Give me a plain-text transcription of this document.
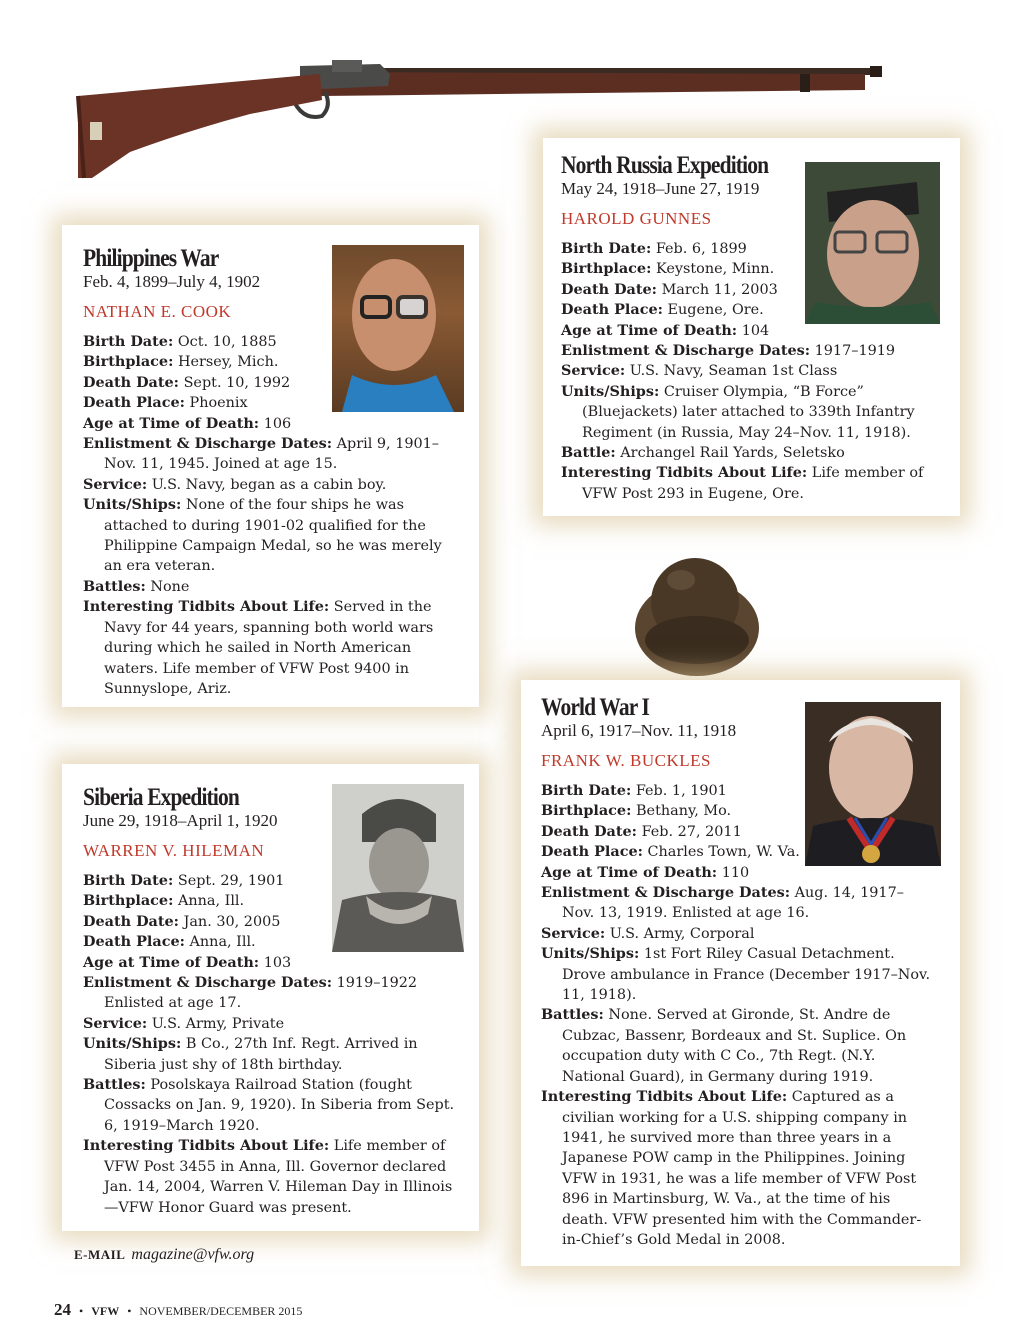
Philippines War
Feb. 4, 1899–July 4, 1902
NATHAN E. COOK
Birth Date: Oct. 10, 1885
Birthplace: Hersey, Mich.
Death Date: Sept. 10, 1992
Death Place: Phoenix
Age at Time of Death: 106
Enlistment & Discharge Dates: April 9, 1901–Nov. 11, 1945. Joined at age 15.
Service: U.S. Navy, began as a cabin boy.
Units/Ships: None of the four ships he was attached to during 1901-02 qualified for the Philippine Campaign Medal, so he was merely an era veteran.
Battles: None
Interesting Tidbits About Life: Served in the Navy for 44 years, spanning both world wars during which he sailed in North American waters. Life member of VFW Post 9400 in Sunnyslope, Ariz.
North Russia Expedition
May 24, 1918–June 27, 1919
HAROLD GUNNES
Birth Date: Feb. 6, 1899
Birthplace: Keystone, Minn.
Death Date: March 11, 2003
Death Place: Eugene, Ore.
Age at Time of Death: 104
Enlistment & Discharge Dates: 1917–1919
Service: U.S. Navy, Seaman 1st Class
Units/Ships: Cruiser Olympia, “B Force” (Bluejackets) later attached to 339th Infantry Regiment (in Russia, May 24–Nov. 11, 1918).
Battle: Archangel Rail Yards, Seletsko
Interesting Tidbits About Life: Life member of VFW Post 293 in Eugene, Ore.
Siberia Expedition
June 29, 1918–April 1, 1920
WARREN V. HILEMAN
Birth Date: Sept. 29, 1901
Birthplace: Anna, Ill.
Death Date: Jan. 30, 2005
Death Place: Anna, Ill.
Age at Time of Death: 103
Enlistment & Discharge Dates: 1919–1922 Enlisted at age 17.
Service: U.S. Army, Private
Units/Ships: B Co., 27th Inf. Regt. Arrived in Siberia just shy of 18th birthday.
Battles: Posolskaya Railroad Station (fought Cossacks on Jan. 9, 1920). In Siberia from Sept. 6, 1919–March 1920.
Interesting Tidbits About Life: Life member of VFW Post 3455 in Anna, Ill. Governor declared Jan. 14, 2004, Warren V. Hileman Day in Illinois—VFW Honor Guard was present.
World War I
April 6, 1917–Nov. 11, 1918
FRANK W. BUCKLES
Birth Date: Feb. 1, 1901
Birthplace: Bethany, Mo.
Death Date: Feb. 27, 2011
Death Place: Charles Town, W. Va.
Age at Time of Death: 110
Enlistment & Discharge Dates: Aug. 14, 1917–Nov. 13, 1919. Enlisted at age 16.
Service: U.S. Army, Corporal
Units/Ships: 1st Fort Riley Casual Detachment. Drove ambulance in France (December 1917–Nov. 11, 1918).
Battles: None. Served at Gironde, St. Andre de Cubzac, Bassenr, Bordeaux and St. Suplice. On occupation duty with C Co., 7th Regt. (N.Y. National Guard), in Germany during 1919.
Interesting Tidbits About Life: Captured as a civilian working for a U.S. shipping company in 1941, he survived more than three years in a Japanese POW camp in the Philippines. Joining VFW in 1931, he was a life member of VFW Post 896 in Martinsburg, W. Va., at the time of his death. VFW presented him with the Commander-in-Chief’s Gold Medal in 2008.
E-MAIL magazine@vfw.org
24 • VFW • NOVEMBER/DECEMBER 2015
